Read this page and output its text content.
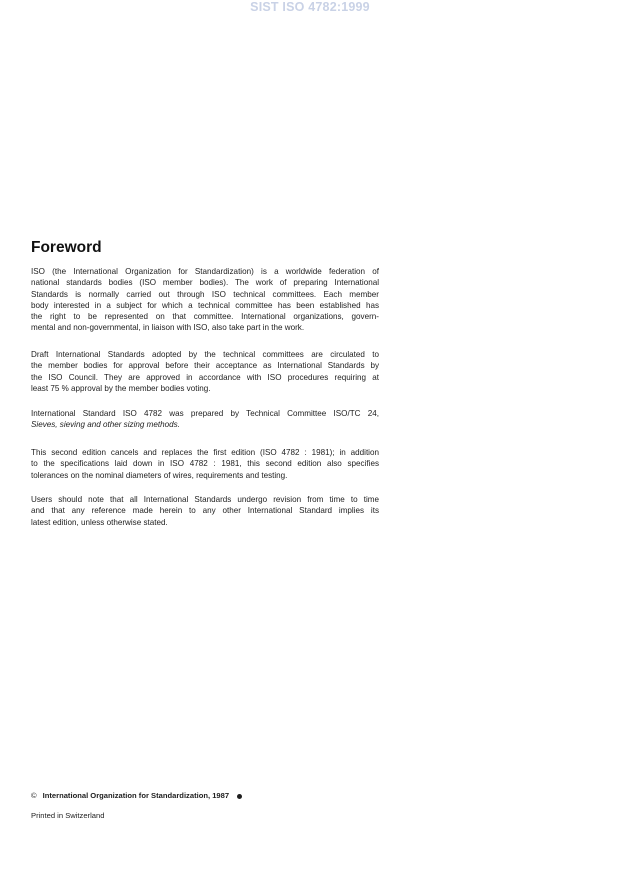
SIST ISO 4782:1999
Foreword
ISO (the International Organization for Standardization) is a worldwide federation of
national standards bodies (ISO member bodies). The work of preparing International
Standards is normally carried out through ISO technical committees. Each member
body interested in a subject for which a technical committee has been established has
the right to be represented on that committee. International organizations, govern-
mental and non-governmental, in liaison with ISO, also take part in the work.
Draft International Standards adopted by the technical committees are circulated to
the member bodies for approval before their acceptance as International Standards by
the ISO Council. They are approved in accordance with ISO procedures requiring at
least 75 % approval by the member bodies voting.
International Standard ISO 4782 was prepared by Technical Committee ISO/TC 24,
Sieves, sieving and other sizing methods.
This second edition cancels and replaces the first edition (ISO 4782 : 1981); in addition
to the specifications laid down in ISO 4782 : 1981, this second edition also specifies
tolerances on the nominal diameters of wires, requirements and testing.
Users should note that all International Standards undergo revision from time to time
and that any reference made herein to any other International Standard implies its
latest edition, unless otherwise stated.
© International Organization for Standardization, 1987
Printed in Switzerland
